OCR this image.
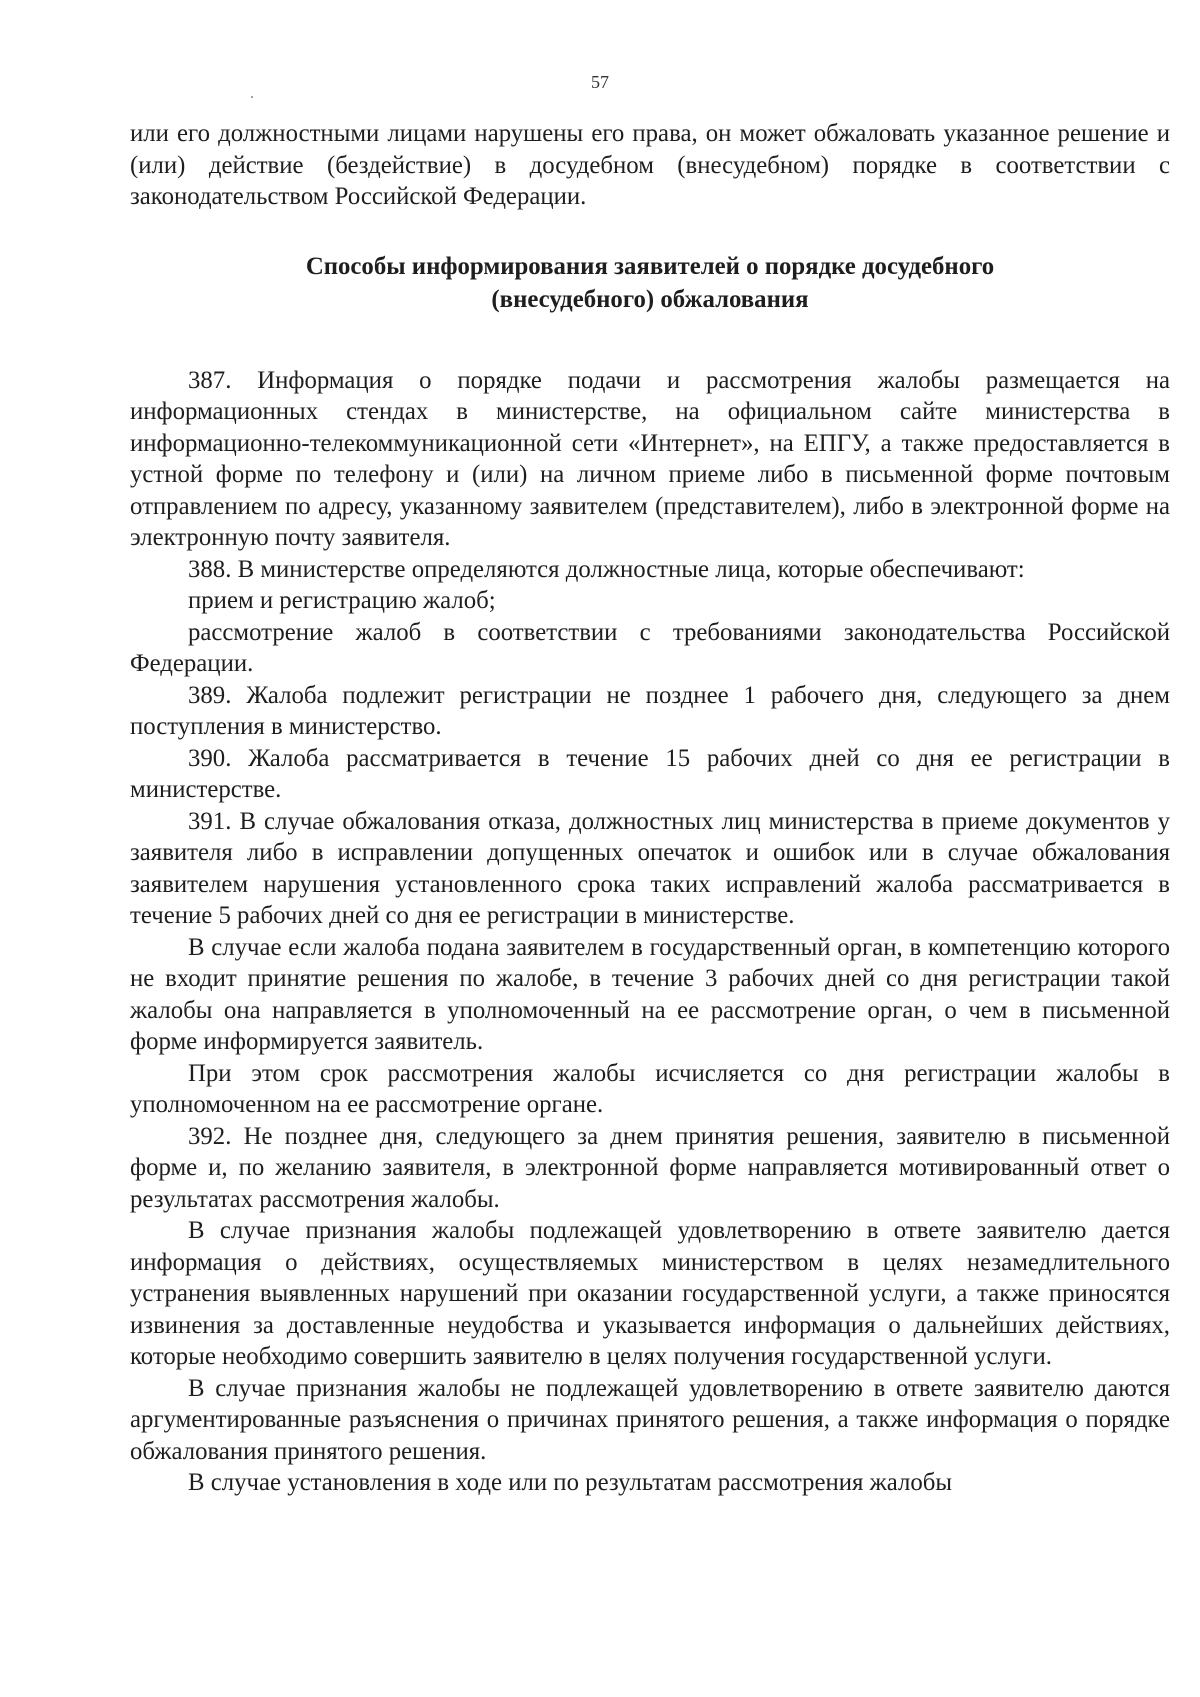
57

или его должностными лицами нарушены его права, он может обжаловать указанное решение и (или) действие (бездействие) в досудебном (внесудебном) порядке в соответствии с законодательством Российской Федерации.

Способы информирования заявителей о порядке досудебного
(внесудебного) обжалования

387. Информация о порядке подачи и рассмотрения жалобы размещается на информационных стендах в министерстве, на официальном сайте министерства в информационно-телекоммуникационной сети «Интернет», на ЕПГУ, а также предоставляется в устной форме по телефону и (или) на личном приеме либо в письменной форме почтовым отправлением по адресу, указанному заявителем (представителем), либо в электронной форме на электронную почту заявителя.

388. В министерстве определяются должностные лица, которые обеспечивают:

прием и регистрацию жалоб;

рассмотрение жалоб в соответствии с требованиями законодательства Российской Федерации.

389. Жалоба подлежит регистрации не позднее 1 рабочего дня, следующего за днем поступления в министерство.

390. Жалоба рассматривается в течение 15 рабочих дней со дня ее регистрации в министерстве.

391. В случае обжалования отказа, должностных лиц министерства в приеме документов у заявителя либо в исправлении допущенных опечаток и ошибок или в случае обжалования заявителем нарушения установленного срока таких исправлений жалоба рассматривается в течение 5 рабочих дней со дня ее регистрации в министерстве.

В случае если жалоба подана заявителем в государственный орган, в компетенцию которого не входит принятие решения по жалобе, в течение 3 рабочих дней со дня регистрации такой жалобы она направляется в уполномоченный на ее рассмотрение орган, о чем в письменной форме информируется заявитель.

При этом срок рассмотрения жалобы исчисляется со дня регистрации жалобы в уполномоченном на ее рассмотрение органе.

392. Не позднее дня, следующего за днем принятия решения, заявителю в письменной форме и, по желанию заявителя, в электронной форме направляется мотивированный ответ о результатах рассмотрения жалобы.

В случае признания жалобы подлежащей удовлетворению в ответе заявителю дается информация о действиях, осуществляемых министерством в целях незамедлительного устранения выявленных нарушений при оказании государственной услуги, а также приносятся извинения за доставленные неудобства и указывается информация о дальнейших действиях, которые необходимо совершить заявителю в целях получения государственной услуги.

В случае признания жалобы не подлежащей удовлетворению в ответе заявителю даются аргументированные разъяснения о причинах принятого решения, а также информация о порядке обжалования принятого решения.

В случае установления в ходе или по результатам рассмотрения жалобы
